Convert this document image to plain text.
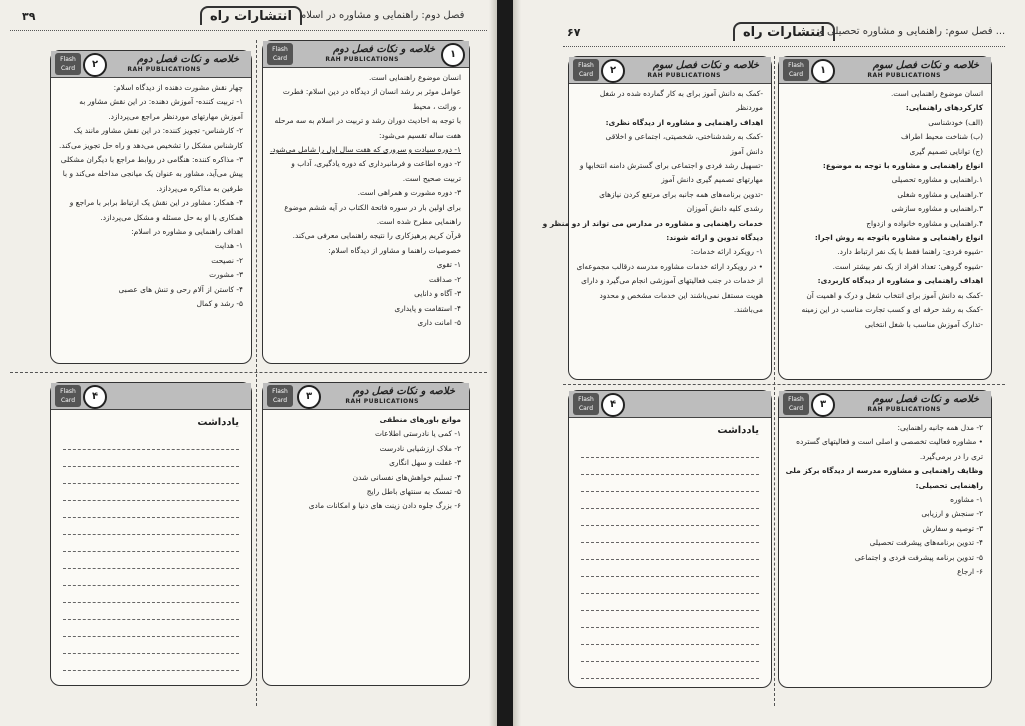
۳۹	انتشارات راه فصل دوم: راهنمایی و مشاوره در اسلام
۱
خلاصه و نکات فصل دوم
RAH PUBLICATIONS
Flash Card

انسان موضوع راهنمایی است.

عوامل موثر بر رشد انسان از دیدگاه در دین اسلام: فطرت

، وراثت ، محیط

با توجه به احادیث دوران رشد و تربیت در اسلام به سه مرحله

هفت ساله تقسیم می‌شود:

۱- دوره سیادت و سروری که هفت سال اول را شامل می‌شود.

۲- دوره اطاعت و فرمانبرداری که دوره یادگیری، آداب و

تربیت صحیح است.

۳- دوره مشورت و همراهی است.

برای اولین بار در سوره فاتحة الکتاب در آیه ششم موضوع

راهنمایی مطرح شده است.

قرآن کریم پرهیزکاری را نتیجه راهنمایی معرفی می‌کند.

خصوصیات راهنما و مشاور از دیدگاه اسلام:

۱- تقوی

۲- صداقت

۳- آگاه و دانایی

۴- استقامت و پایداری

۵- امانت داری

۲	خلاصه و نکات فصل دوم
RAH PUBLICATIONS
Flash Card

چهار نقش مشورت دهنده از دیدگاه اسلام:

۱- تربیت کننده- آموزش دهنده: در این نقش مشاور به

آموزش مهارتهای موردنظر مراجع می‌پردازد.

۲- کارشناس- تجویز کننده: در این نقش مشاور مانند یک

کارشناس مشکل را تشخیص می‌دهد و راه حل تجویز می‌کند.

۳- مذاکره کننده: هنگامی در روابط مراجع با دیگران مشکلی

پیش می‌آید، مشاور به عنوان یک میانجی مداخله می‌کند و با

طرفین به مذاکره می‌پردازد.

۴- همکار: مشاور در این نقش یک ارتباط برابر با مراجع و

همکاری با او به حل مسئله و مشکل می‌پردازد.

اهداف راهنمایی و مشاوره در اسلام:

۱- هدایت

۲- نصیحت

۳- مشورت

۴- کاستن از آلام رحی و تنش های عصبی

۵- رشد و کمال

۳	خلاصه و نکات فصل دوم
RAH PUBLICATIONS
Flash Card

موانع باورهای منطقی

۱- کمی یا نادرستی اطلاعات

۲- ملاک ارزشیابی نادرست

۳- غفلت و سهل انگاری

۴- تسلیم خواهش‌های نفسانی شدن

۵- تمسک به سنتهای باطل رایج

۶- بزرگ جلوه دادن زینت های دنیا و امکانات مادی

۴
Flash Card
یادداشت
۶۷	انتشارات راه
فصل سوم: راهنمایی و مشاوره تحصیلی و ...
۱	خلاصه و نکات فصل سوم
RAH PUBLICATIONS
Flash Card

انسان موضوع راهنمایی است.

کارکردهای راهنمایی:

(الف) خودشناسی

(ب) شناخت محیط اطراف

(ج) توانایی تصمیم گیری

انواع راهنمایی و مشاوره با توجه به موضوع:

۱.راهنمایی و مشاوره تحصیلی

۲.راهنمایی و مشاوره شغلی

۳.راهنمایی و مشاوره سازشی

۴.راهنمایی و مشاوره خانواده و ازدواج

انواع راهنمایی و مشاوره باتوجه به روش اجرا:

-شیوه فردی: راهنما فقط با یک نفر ارتباط دارد.

-شیوه گروهی: تعداد افراد از یک نفر بیشتر است.

اهداف راهنمایی و مشاوره از دیدگاه کاربردی:

-کمک به دانش آموز برای انتخاب شغل و درک و اهمیت آن

-کمک به رشد حرفه ای و کسب تجارت مناسب در این زمینه

-تدارک آموزش مناسب با شغل انتخابی

۲	خلاصه و نکات فصل سوم
RAH PUBLICATIONS
Flash Card

-کمک به دانش آموز برای به کار گمارده شده در شغل

موردنظر

اهداف راهنمایی و مشاوره از دیدگاه نظری:

-کمک به رشدشناختی، شخصیتی، اجتماعی و اخلاقی

دانش آموز

-تسهیل رشد فردی و اجتماعی برای گسترش دامنه انتخابها و

مهارتهای تصمیم گیری دانش آموز

-تدوین برنامه‌های همه جانبه برای مرتفع کردن نیازهای

رشدی کلیه دانش آموزان

خدمات راهنمایی و مشاوره در مدارس می تواند از دو منظر و

دیدگاه تدوین و ارائه شوند:

۱- رویکرد ارائه خدمات:

• در رویکرد ارائه خدمات مشاوره مدرسه درقالب مجموعه‌ای

از خدمات در جنب فعالیتهای آموزشی انجام می‌گیرد و دارای

هویت مستقل نمی‌باشند این خدمات مشخص و محدود

می‌باشند.

۳	خلاصه و نکات فصل سوم
RAH PUBLICATIONS
Flash Card

۲- مدل همه جانبه راهنمایی:

• مشاوره فعالیت تخصصی و اصلی است و فعالیتهای گسترده

تری را در برمی‌گیرد.

وظایف راهنمایی و مشاوره مدرسه از دیدگاه برکز ملی

راهنمایی تحصیلی:

۱- مشاوره

۲- سنجش و ارزیابی

۳- توصیه و سفارش

۴- تدوین برنامه‌های پیشرفت تحصیلی

۵- تدوین برنامه پیشرفت فردی و اجتماعی

۶- ارجاع

۴
Flash Card
یادداشت
